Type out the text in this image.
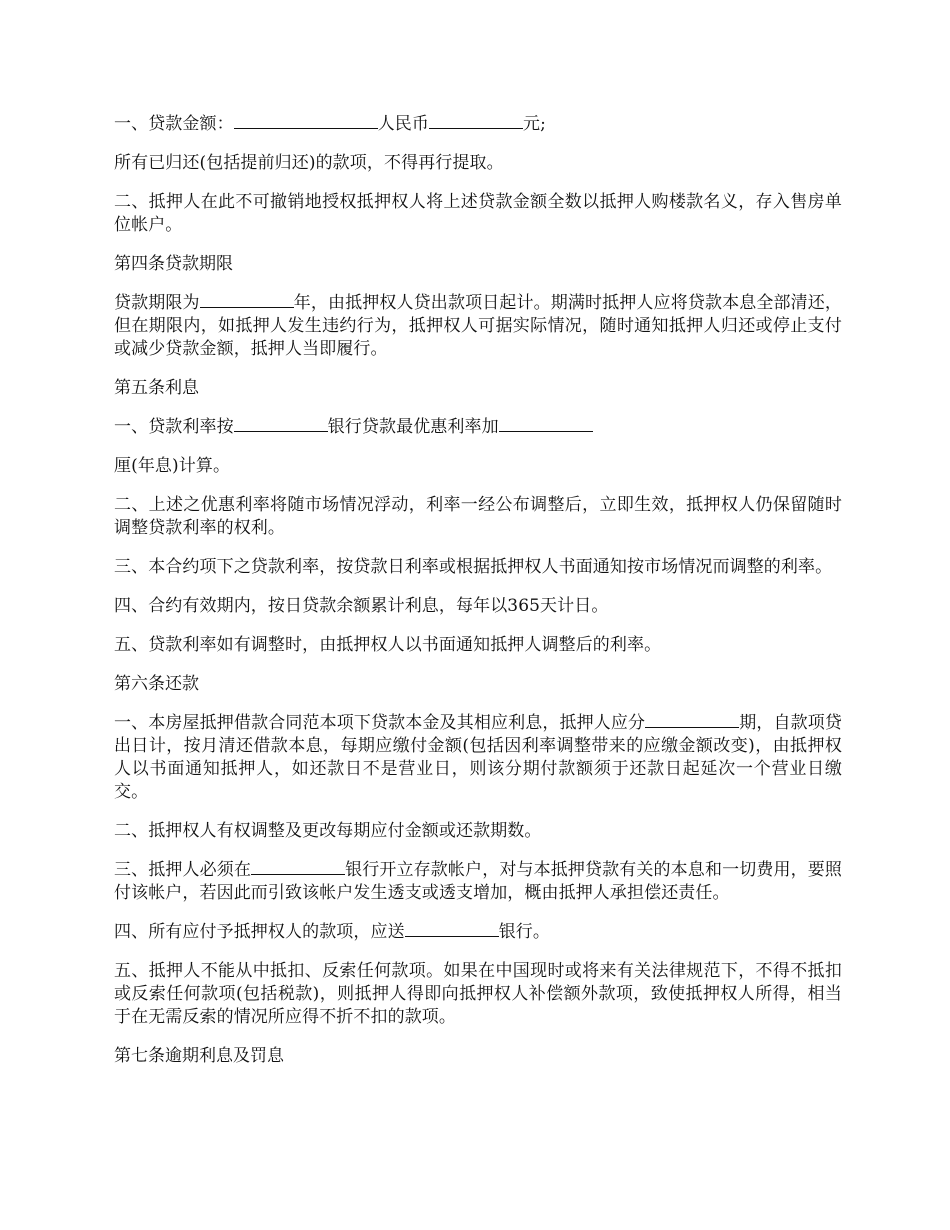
一、贷款金额：	人民币	元;

所有已归还(包括提前归还)的款项，不得再行提取。

二、抵押人在此不可撤销地授权抵押权人将上述贷款金额全数以抵押人购楼款名义，存入售房单位帐户。

第四条贷款期限

贷款期限为	年，由抵押权人贷出款项日起计。期满时抵押人应将贷款本息全部清还，但在期限内，如抵押人发生违约行为，抵押权人可据实际情况，随时通知抵押人归还或停止支付或减少贷款金额，抵押人当即履行。

第五条利息

一、贷款利率按	银行贷款最优惠利率加

厘(年息)计算。

二、上述之优惠利率将随市场情况浮动，利率一经公布调整后，立即生效，抵押权人仍保留随时调整贷款利率的权利。

三、本合约项下之贷款利率，按贷款日利率或根据抵押权人书面通知按市场情况而调整的利率。

四、合约有效期内，按日贷款余额累计利息，每年以365天计日。

五、贷款利率如有调整时，由抵押权人以书面通知抵押人调整后的利率。

第六条还款

一、本房屋抵押借款合同范本项下贷款本金及其相应利息，抵押人应分	期，自款项贷出日计，按月清还借款本息，每期应缴付金额(包括因利率调整带来的应缴金额改变)，由抵押权人以书面通知抵押人，如还款日不是营业日，则该分期付款额须于还款日起延次一个营业日缴交。

二、抵押权人有权调整及更改每期应付金额或还款期数。

三、抵押人必须在	银行开立存款帐户，对与本抵押贷款有关的本息和一切费用，要照付该帐户，若因此而引致该帐户发生透支或透支增加，概由抵押人承担偿还责任。

四、所有应付予抵押权人的款项，应送	银行。

五、抵押人不能从中抵扣、反索任何款项。如果在中国现时或将来有关法律规范下，不得不抵扣或反索任何款项(包括税款)，则抵押人得即向抵押权人补偿额外款项，致使抵押权人所得，相当于在无需反索的情况所应得不折不扣的款项。

第七条逾期利息及罚息
